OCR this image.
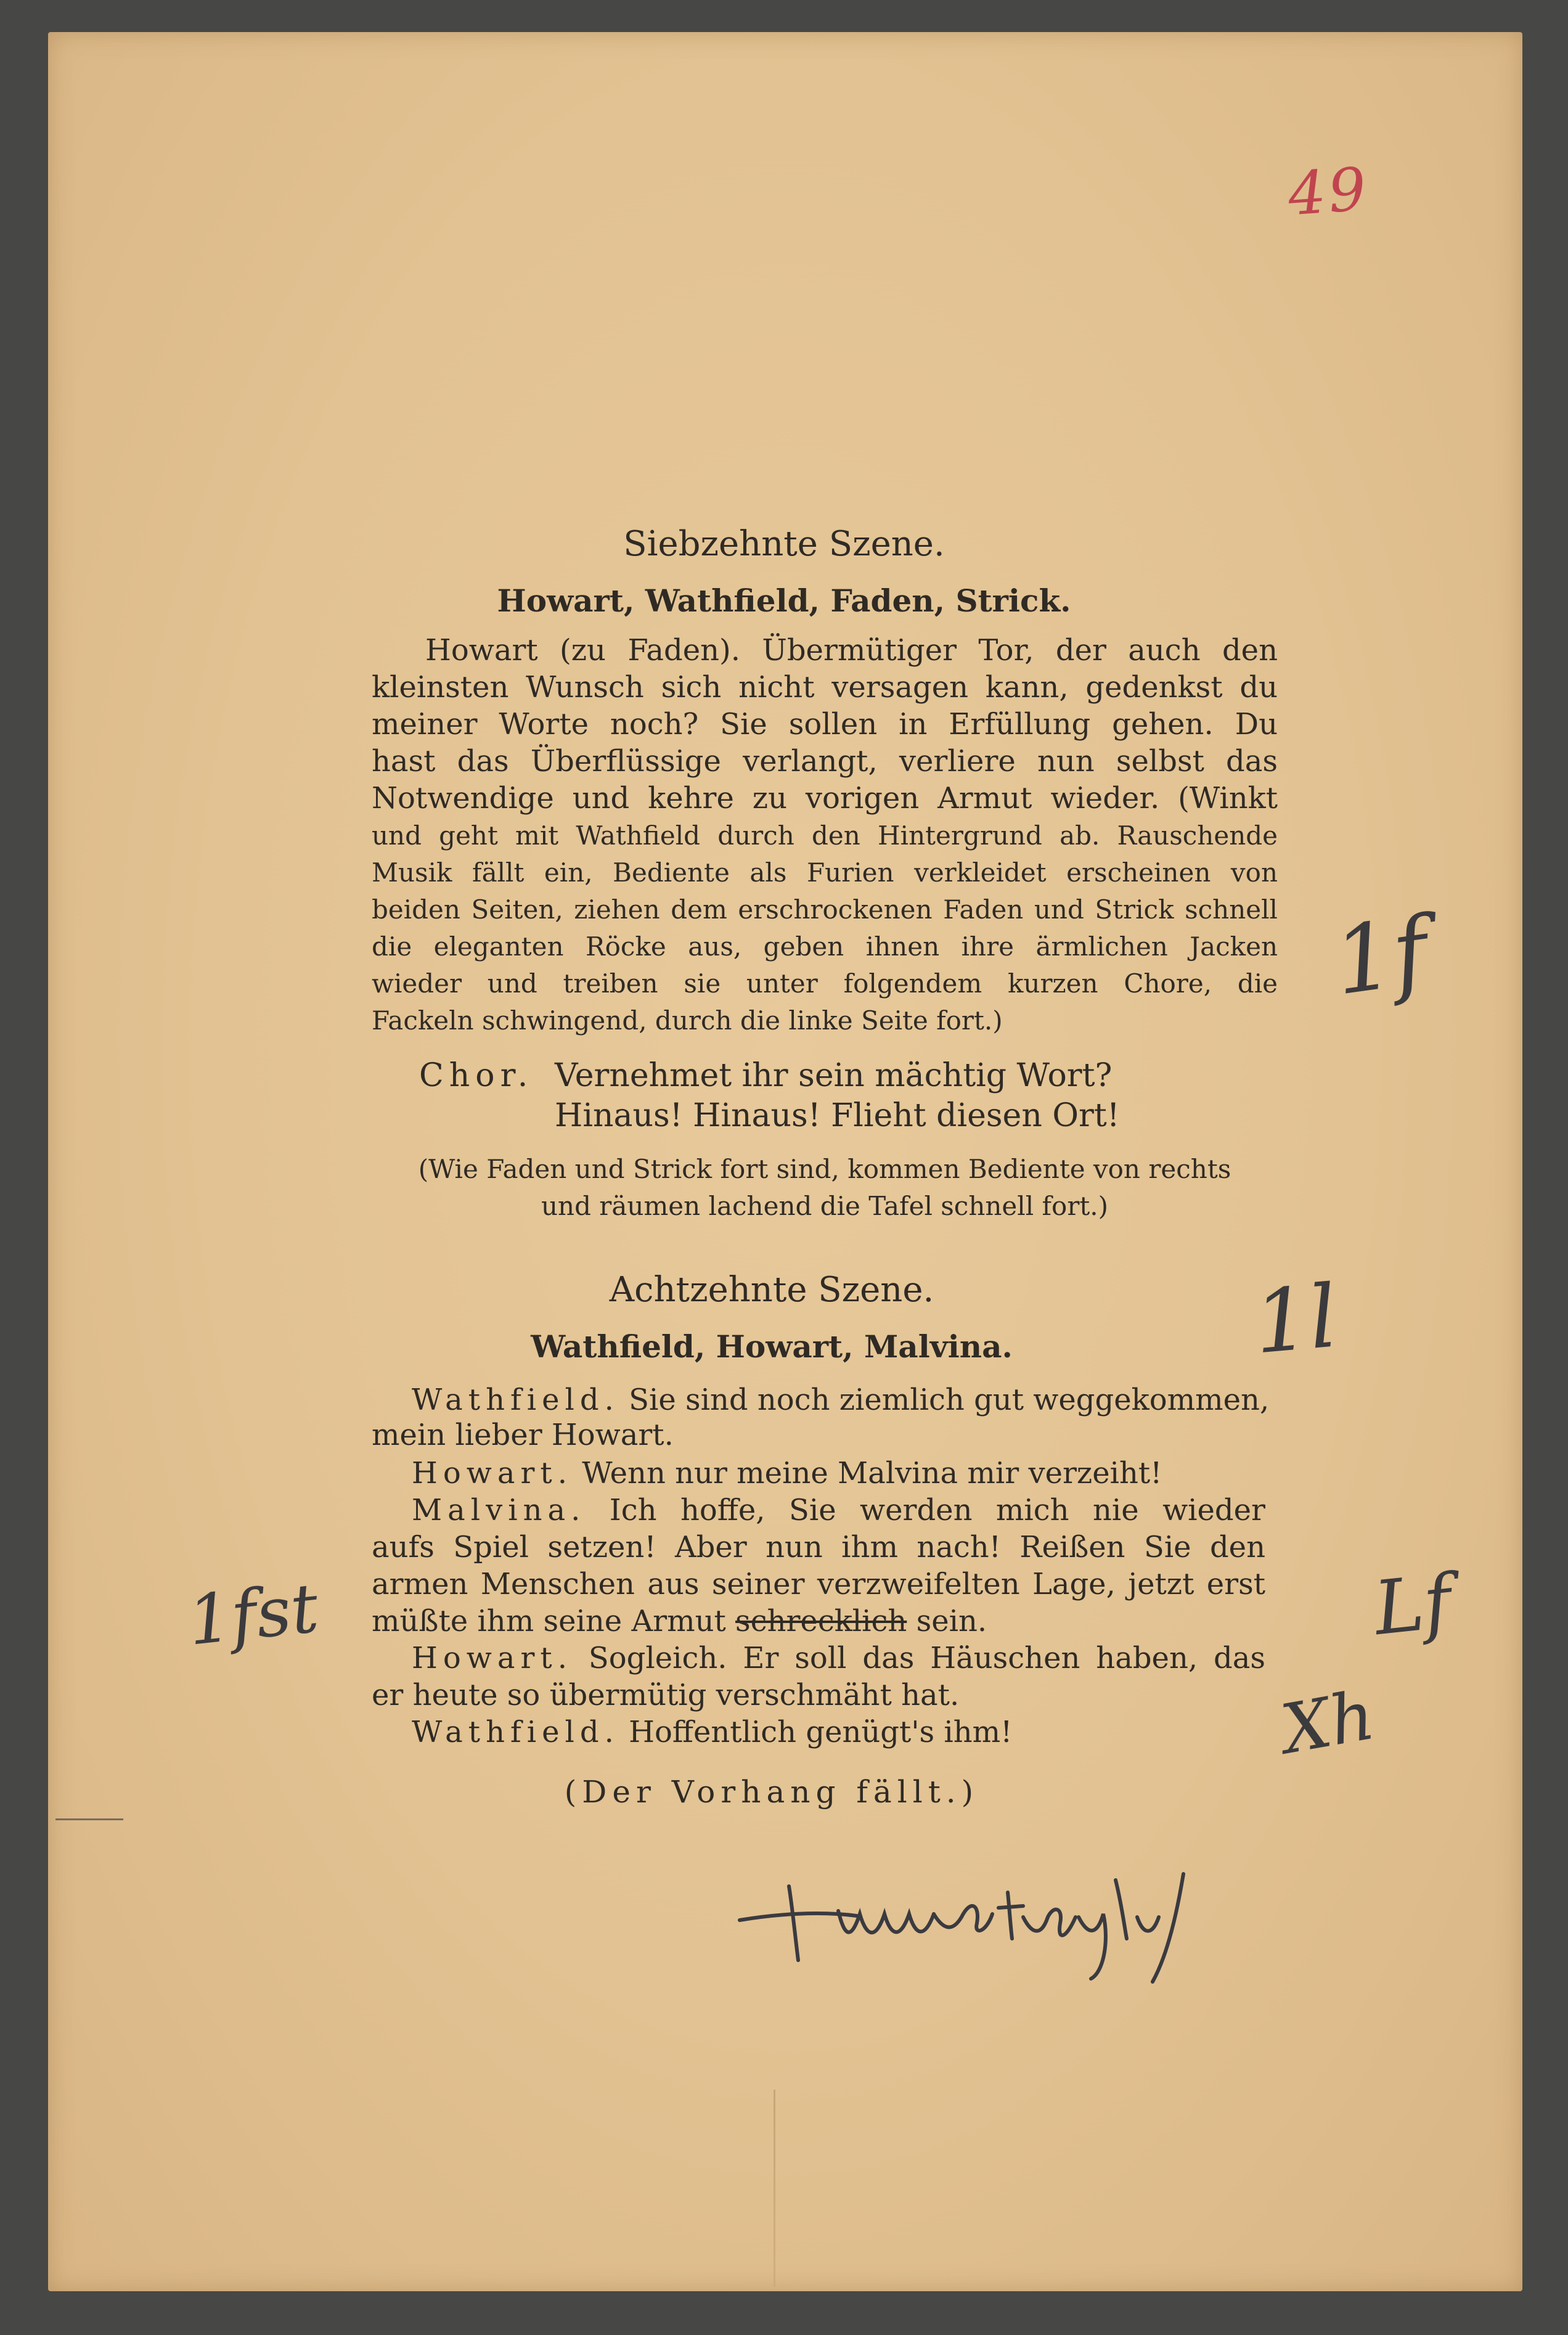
49
Siebzehnte Szene.
Howart, Wathfield, Faden, Strick.
Howart (zu Faden). Übermütiger Tor, der auch den
kleinsten Wunsch sich nicht versagen kann, gedenkst du
meiner Worte noch? Sie sollen in Erfüllung gehen. Du
hast das Überflüssige verlangt, verliere nun selbst das
Notwendige und kehre zu vorigen Armut wieder. (Winkt
und geht mit Wathfield durch den Hintergrund ab. Rauschende
Musik fällt ein, Bediente als Furien verkleidet erscheinen von
beiden Seiten, ziehen dem erschrockenen Faden und Strick schnell
die eleganten Röcke aus, geben ihnen ihre ärmlichen Jacken
wieder und treiben sie unter folgendem kurzen Chore, die
Fackeln schwingend, durch die linke Seite fort.)
Chor. Vernehmet ihr sein mächtig Wort?
Hinaus! Hinaus! Flieht diesen Ort!
(Wie Faden und Strick fort sind, kommen Bediente von rechts
und räumen lachend die Tafel schnell fort.)
Achtzehnte Szene.
Wathfield, Howart, Malvina.
Wathfield. Sie sind noch ziemlich gut weggekommen,
mein lieber Howart.
Howart. Wenn nur meine Malvina mir verzeiht!
Malvina. Ich hoffe, Sie werden mich nie wieder
aufs Spiel setzen! Aber nun ihm nach! Reißen Sie den
armen Menschen aus seiner verzweifelten Lage, jetzt erst
müßte ihm seine Armut schrecklich sein.
Howart. Sogleich. Er soll das Häuschen haben, das
er heute so übermütig verschmäht hat.
Wathfield. Hoffentlich genügt's ihm!
(Der Vorhang fällt.)
1f
1l
1fst	Lf
Xh
